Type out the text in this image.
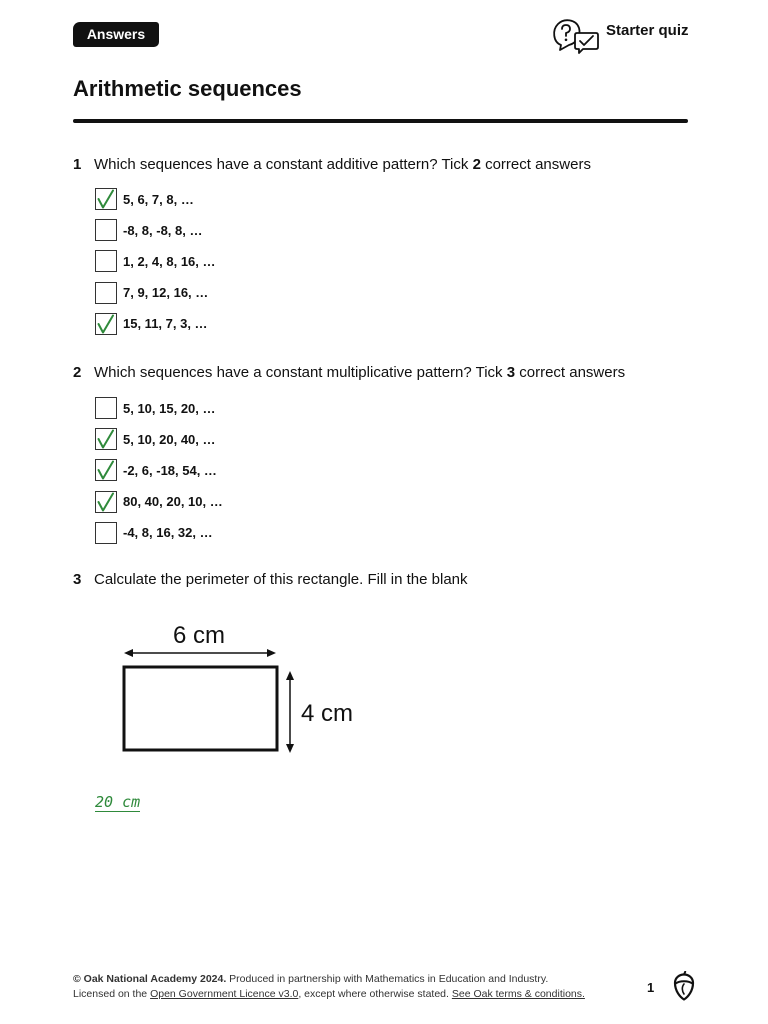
Answers	Starter quiz
Arithmetic sequences
1 Which sequences have a constant additive pattern? Tick 2 correct answers
5, 6, 7, 8, …
-8, 8, -8, 8, …
1, 2, 4, 8, 16, …
7, 9, 12, 16, …
15, 11, 7, 3, …
2 Which sequences have a constant multiplicative pattern? Tick 3 correct answers
5, 10, 15, 20, …
5, 10, 20, 40, …
-2, 6, -18, 54, …
80, 40, 20, 10, …
-4, 8, 16, 32, …
3 Calculate the perimeter of this rectangle. Fill in the blank
6 cm
4 cm
20 cm
© Oak National Academy 2024. Produced in partnership with Mathematics in Education and Industry.
Licensed on the Open Government Licence v3.0, except where otherwise stated. See Oak terms & conditions.	1
